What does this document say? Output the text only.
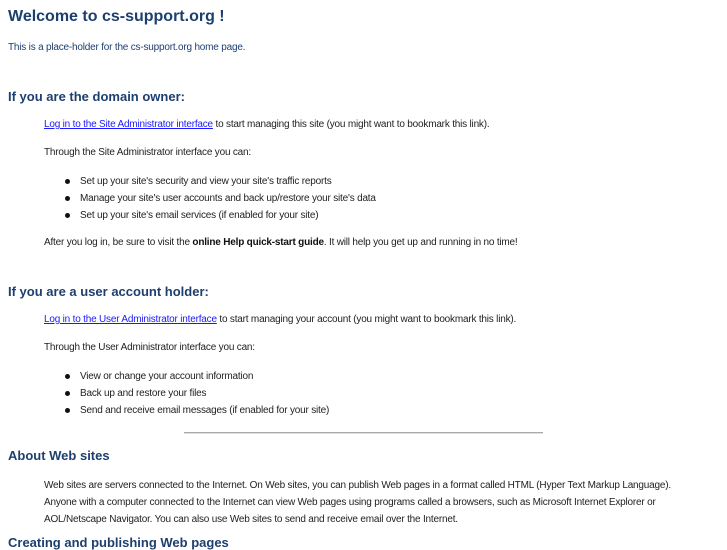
Welcome to cs-support.org !

This is a place-holder for the cs-support.org home page.

If you are the domain owner:

Log in to the Site Administrator interface to start managing this site (you might want to bookmark this link).

Through the Site Administrator interface you can:

Set up your site's security and view your site's traffic reports
Manage your site's user accounts and back up/restore your site's data
Set up your site's email services (if enabled for your site)

After you log in, be sure to visit the online Help quick-start guide. It will help you get up and running in no time!

If you are a user account holder:

Log in to the User Administrator interface to start managing your account (you might want to bookmark this link).

Through the User Administrator interface you can:

View or change your account information
Back up and restore your files
Send and receive email messages (if enabled for your site)
About Web sites

Web sites are servers connected to the Internet. On Web sites, you can publish Web pages in a format called HTML (Hyper Text Markup Language). Anyone with a computer connected to the Internet can view Web pages using programs called a browsers, such as Microsoft Internet Explorer or AOL/Netscape Navigator. You can also use Web sites to send and receive email over the Internet.

Creating and publishing Web pages
